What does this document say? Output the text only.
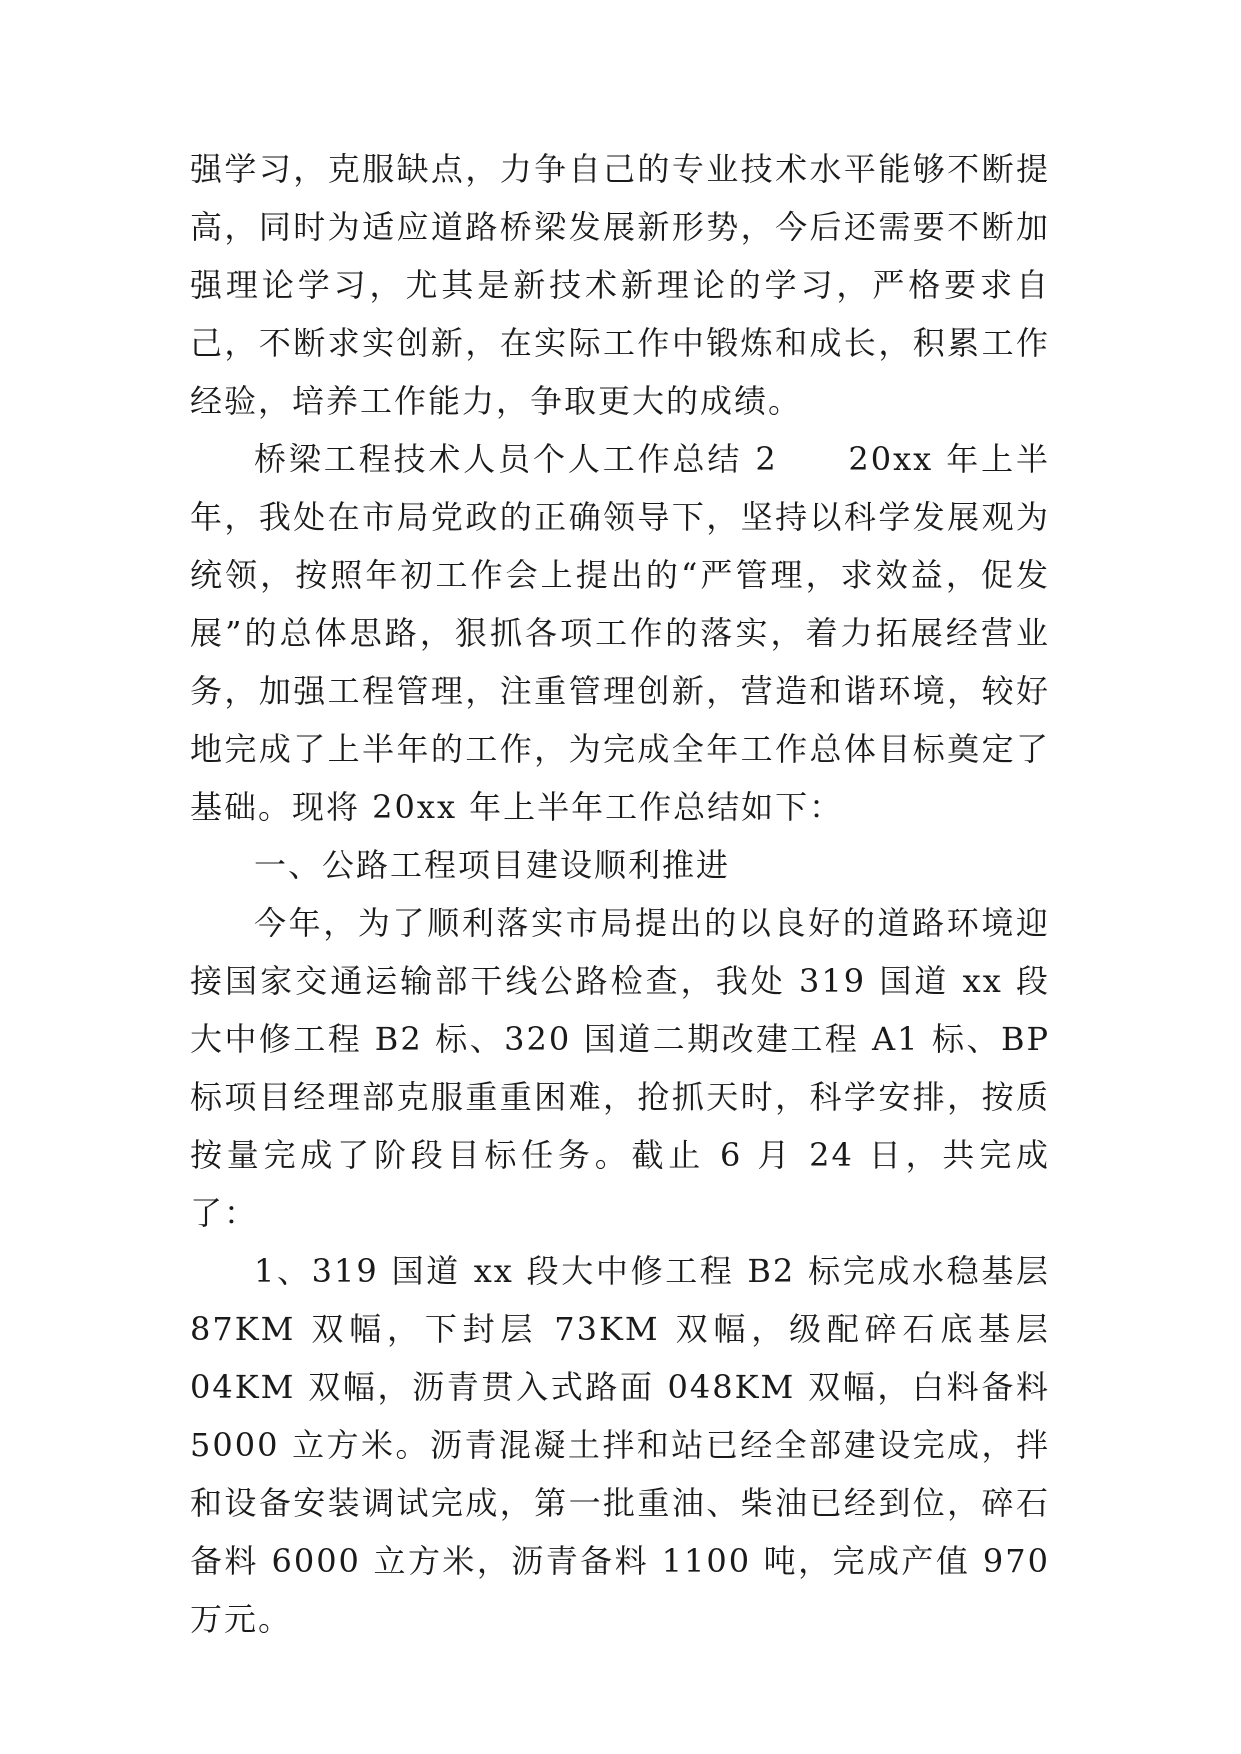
强学习，克服缺点，力争自己的专业技术水平能够不断提高，同时为适应道路桥梁发展新形势，今后还需要不断加强理论学习，尤其是新技术新理论的学习，严格要求自己，不断求实创新，在实际工作中锻炼和成长，积累工作经验，培养工作能力，争取更大的成绩。

桥梁工程技术人员个人工作总结 2　　20xx 年上半年，我处在市局党政的正确领导下，坚持以科学发展观为统领，按照年初工作会上提出的“严管理，求效益，促发展”的总体思路，狠抓各项工作的落实，着力拓展经营业务，加强工程管理，注重管理创新，营造和谐环境，较好地完成了上半年的工作，为完成全年工作总体目标奠定了基础。现将 20xx 年上半年工作总结如下：

一、公路工程项目建设顺利推进

今年，为了顺利落实市局提出的以良好的道路环境迎接国家交通运输部干线公路检查，我处 319 国道 xx 段大中修工程 B2 标、320 国道二期改建工程 A1 标、BP 标项目经理部克服重重困难，抢抓天时，科学安排，按质按量完成了阶段目标任务。截止 6 月 24 日，共完成了：

1、319 国道 xx 段大中修工程 B2 标完成水稳基层 87KM 双幅，下封层 73KM 双幅，级配碎石底基层 04KM 双幅，沥青贯入式路面 048KM 双幅，白料备料 5000 立方米。沥青混凝土拌和站已经全部建设完成，拌和设备安装调试完成，第一批重油、柴油已经到位，碎石备料 6000 立方米，沥青备料 1100 吨，完成产值 970 万元。
